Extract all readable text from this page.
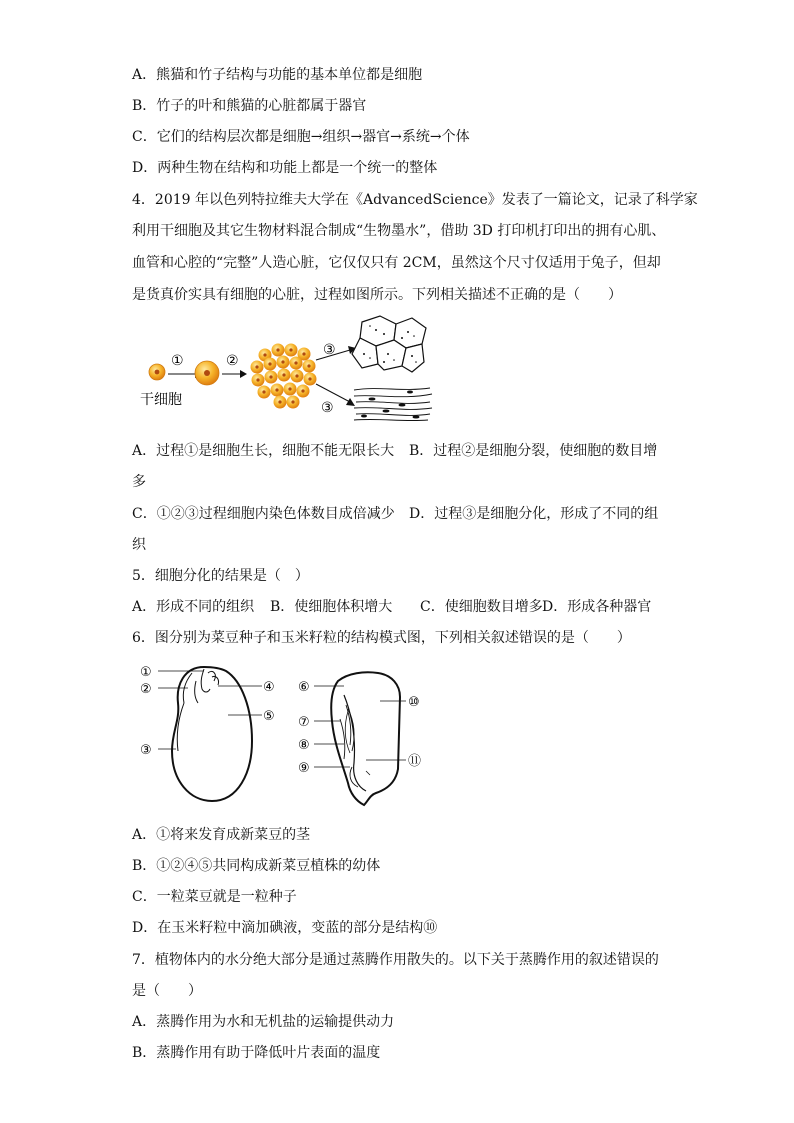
A．熊猫和竹子结构与功能的基本单位都是细胞
B．竹子的叶和熊猫的心脏都属于器官
C．它们的结构层次都是细胞→组织→器官→系统→个体
D．两种生物在结构和功能上都是一个统一的整体
4．2019 年以色列特拉维夫大学在《AdvancedScience》发表了一篇论文，记录了科学家
利用干细胞及其它生物材料混合制成“生物墨水”，借助 3D 打印机打印出的拥有心肌、
血管和心腔的“完整”人造心脏，它仅仅只有 2CM，虽然这个尺寸仅适用于兔子，但却
是货真价实具有细胞的心脏，过程如图所示。下列相关描述不正确的是（　　）
①	②
③
③
干细胞
A．过程①是细胞生长，细胞不能无限长大 B．过程②是细胞分裂，使细胞的数目增
多
C．①②③过程细胞内染色体数目成倍减少 D．过程③是细胞分化，形成了不同的组
织
5．细胞分化的结果是（　）
A．形成不同的组织 B．使细胞体积增大 C．使细胞数目增多 D．形成各种器官
6．图分别为菜豆种子和玉米籽粒的结构模式图，下列相关叙述错误的是（　　）
①
②
③
④
⑤
⑥
⑦
⑧
⑨
⑩
⑪
A．①将来发育成新菜豆的茎
B．①②④⑤共同构成新菜豆植株的幼体
C．一粒菜豆就是一粒种子
D．在玉米籽粒中滴加碘液，变蓝的部分是结构⑩
7．植物体内的水分绝大部分是通过蒸腾作用散失的。以下关于蒸腾作用的叙述错误的
是（　　）
A．蒸腾作用为水和无机盐的运输提供动力
B．蒸腾作用有助于降低叶片表面的温度
